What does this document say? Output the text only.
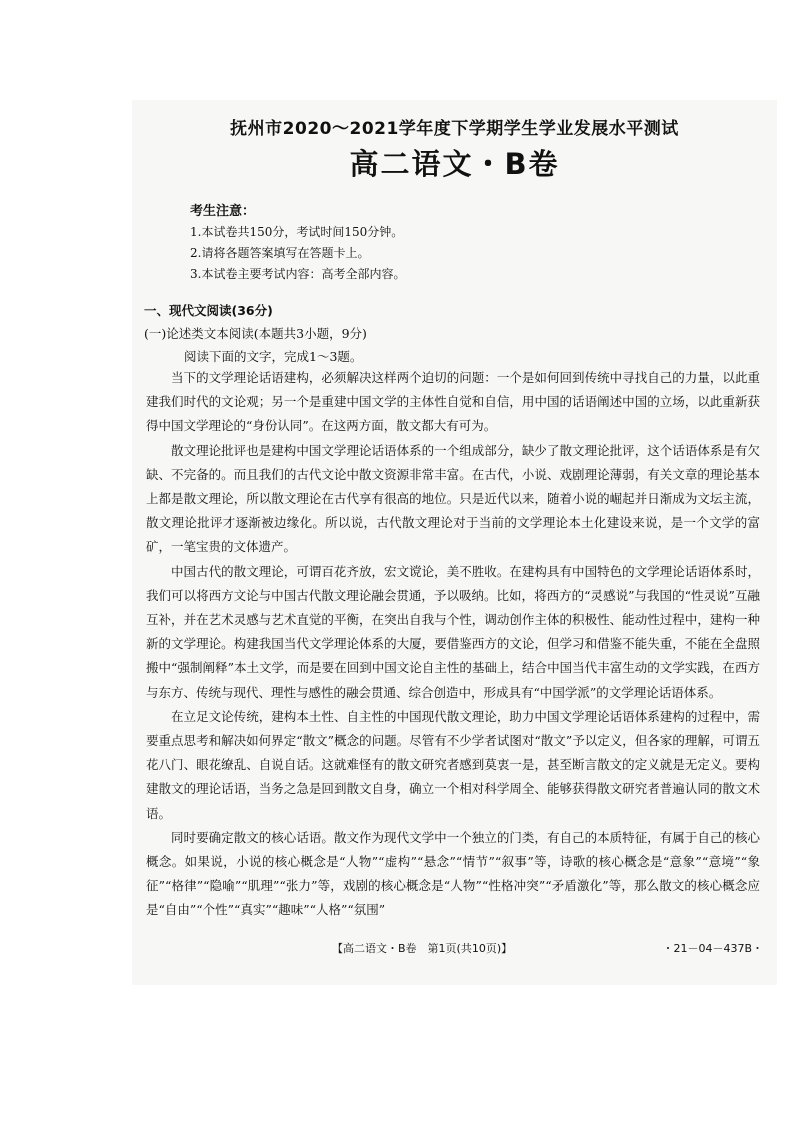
抚州市2020～2021学年度下学期学生学业发展水平测试
高二语文・B卷
考生注意：
1.本试卷共150分，考试时间150分钟。
2.请将各题答案填写在答题卡上。
3.本试卷主要考试内容：高考全部内容。
一、现代文阅读(36分)
(一)论述类文本阅读(本题共3小题，9分)
阅读下面的文字，完成1～3题。

当下的文学理论话语建构，必须解决这样两个迫切的问题：一个是如何回到传统中寻找自己的力量，以此重建我们时代的文论观；另一个是重建中国文学的主体性自觉和自信，用中国的话语阐述中国的立场，以此重新获得中国文学理论的“身份认同”。在这两方面，散文都大有可为。

散文理论批评也是建构中国文学理论话语体系的一个组成部分，缺少了散文理论批评，这个话语体系是有欠缺、不完备的。而且我们的古代文论中散文资源非常丰富。在古代，小说、戏剧理论薄弱，有关文章的理论基本上都是散文理论，所以散文理论在古代享有很高的地位。只是近代以来，随着小说的崛起并日渐成为文坛主流，散文理论批评才逐渐被边缘化。所以说，古代散文理论对于当前的文学理论本土化建设来说，是一个文学的富矿，一笔宝贵的文体遗产。

中国古代的散文理论，可谓百花齐放，宏文谠论，美不胜收。在建构具有中国特色的文学理论话语体系时，我们可以将西方文论与中国古代散文理论融会贯通，予以吸纳。比如，将西方的“灵感说”与我国的“性灵说”互融互补，并在艺术灵感与艺术直觉的平衡，在突出自我与个性，调动创作主体的积极性、能动性过程中，建构一种新的文学理论。构建我国当代文学理论体系的大厦，要借鉴西方的文论，但学习和借鉴不能失重，不能在全盘照搬中“强制阐释”本土文学，而是要在回到中国文论自主性的基础上，结合中国当代丰富生动的文学实践，在西方与东方、传统与现代、理性与感性的融会贯通、综合创造中，形成具有“中国学派”的文学理论话语体系。

在立足文论传统，建构本土性、自主性的中国现代散文理论，助力中国文学理论话语体系建构的过程中，需要重点思考和解决如何界定“散文”概念的问题。尽管有不少学者试图对“散文”予以定义，但各家的理解，可谓五花八门、眼花缭乱、自说自话。这就难怪有的散文研究者感到莫衷一是，甚至断言散文的定义就是无定义。要构建散文的理论话语，当务之急是回到散文自身，确立一个相对科学周全、能够获得散文研究者普遍认同的散文术语。

同时要确定散文的核心话语。散文作为现代文学中一个独立的门类，有自己的本质特征，有属于自己的核心概念。如果说，小说的核心概念是“人物”“虚构”“悬念”“情节”“叙事”等，诗歌的核心概念是“意象”“意境”“象征”“格律”“隐喻”“肌理”“张力”等，戏剧的核心概念是“人物”“性格冲突”“矛盾激化”等，那么散文的核心概念应是“自由”“个性”“真实”“趣味”“人格”“氛围”

【高二语文・B卷　第1页(共10页)】	・21－04－437B・
